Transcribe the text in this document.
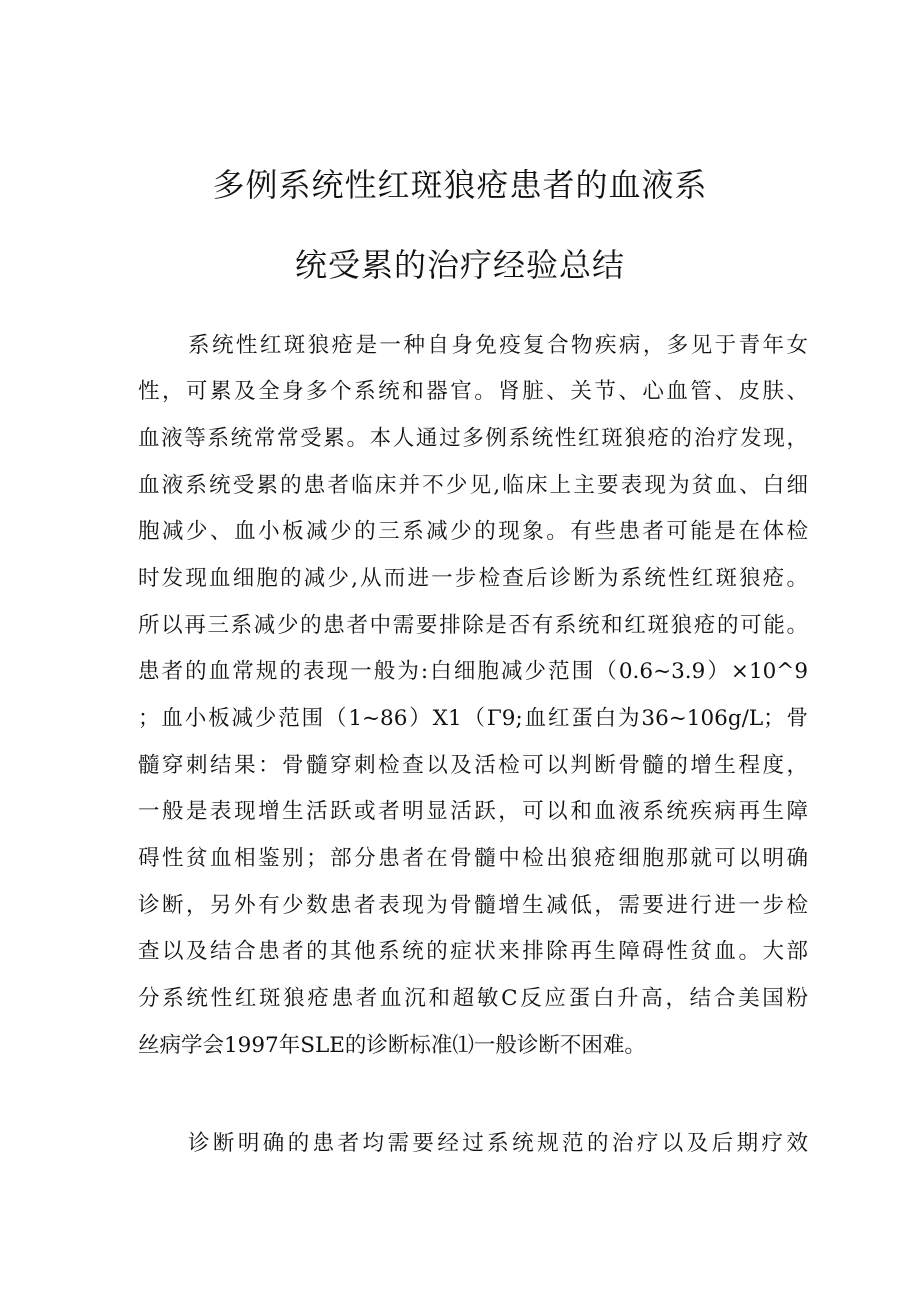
多例系统性红斑狼疮患者的血液系
统受累的治疗经验总结
系统性红斑狼疮是一种自身免疫复合物疾病，多见于青年女
性，可累及全身多个系统和器官。肾脏、关节、心血管、皮肤、
血液等系统常常受累。本人通过多例系统性红斑狼疮的治疗发现，
血液系统受累的患者临床并不少见,临床上主要表现为贫血、白细
胞减少、血小板减少的三系减少的现象。有些患者可能是在体检
时发现血细胞的减少,从而进一步检查后诊断为系统性红斑狼疮。
所以再三系减少的患者中需要排除是否有系统和红斑狼疮的可能。
患者的血常规的表现一般为:白细胞减少范围（0.6~3.9）×10^9
；血小板减少范围（1~86）X1（Γ9;血红蛋白为36~106g/L；骨
髓穿刺结果：骨髓穿刺检查以及活检可以判断骨髓的增生程度，
一般是表现增生活跃或者明显活跃，可以和血液系统疾病再生障
碍性贫血相鉴别；部分患者在骨髓中检出狼疮细胞那就可以明确
诊断，另外有少数患者表现为骨髓增生减低，需要进行进一步检
查以及结合患者的其他系统的症状来排除再生障碍性贫血。大部
分系统性红斑狼疮患者血沉和超敏C反应蛋白升高，结合美国粉
丝病学会1997年SLE的诊断标准⑴一般诊断不困难。
诊断明确的患者均需要经过系统规范的治疗以及后期疗效
